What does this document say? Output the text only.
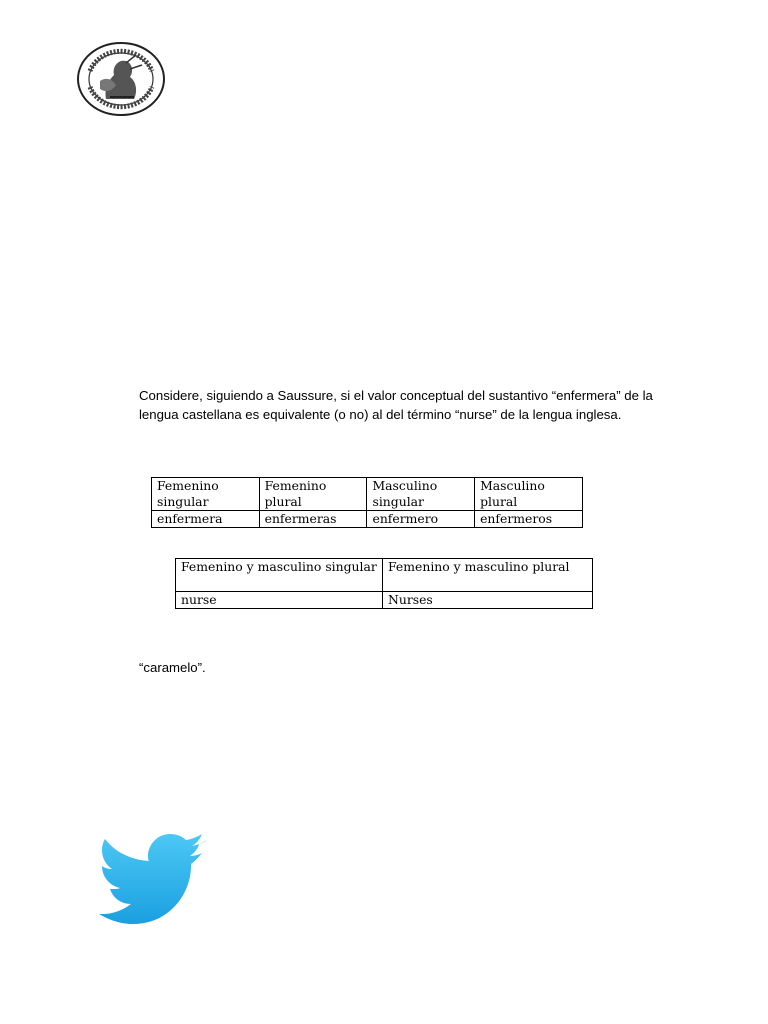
Considere, siguiendo a Saussure, si el valor conceptual del sustantivo “enfermera” de la lengua castellana es equivalente (o no) al del término “nurse” de la lengua inglesa.

Femenino singular	Femenino plural	Masculino singular	Masculino plural
enfermera	enfermeras	enfermero	enfermeros
Femenino y masculino singular	Femenino y masculino plural
nurse	Nurses

“caramelo”.
